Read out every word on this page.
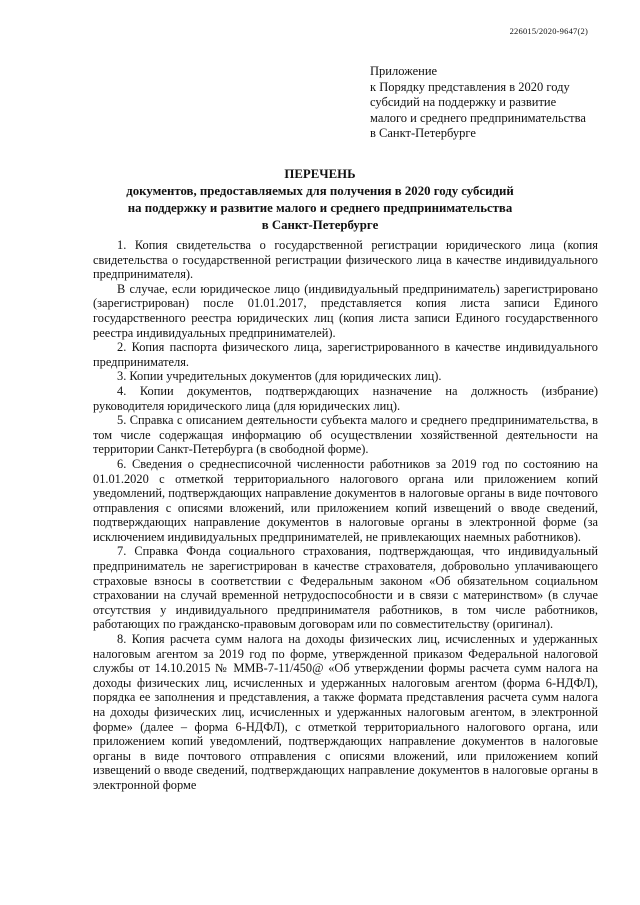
226015/2020-9647(2)
Приложение
к Порядку представления в 2020 году
субсидий на поддержку и развитие
малого и среднего предпринимательства
в Санкт-Петербурге
ПЕРЕЧЕНЬ
документов, предоставляемых для получения в 2020 году субсидий
на поддержку и развитие малого и среднего предпринимательства
в Санкт-Петербурге

1. Копия свидетельства о государственной регистрации юридического лица (копия свидетельства о государственной регистрации физического лица в качестве индивидуального предпринимателя).

В случае, если юридическое лицо (индивидуальный предприниматель) зарегистрировано (зарегистрирован) после 01.01.2017, представляется копия листа записи Единого государственного реестра юридических лиц (копия листа записи Единого государственного реестра индивидуальных предпринимателей).

2. Копия паспорта физического лица, зарегистрированного в качестве индивидуального предпринимателя.

3. Копии учредительных документов (для юридических лиц).

4. Копии документов, подтверждающих назначение на должность (избрание) руководителя юридического лица (для юридических лиц).

5. Справка с описанием деятельности субъекта малого и среднего предпринимательства, в том числе содержащая информацию об осуществлении хозяйственной деятельности на территории Санкт-Петербурга (в свободной форме).

6. Сведения о среднесписочной численности работников за 2019 год по состоянию на 01.01.2020 с отметкой территориального налогового органа или приложением копий уведомлений, подтверждающих направление документов в налоговые органы в виде почтового отправления с описями вложений, или приложением копий извещений о вводе сведений, подтверждающих направление документов в налоговые органы в электронной форме (за исключением индивидуальных предпринимателей, не привлекающих наемных работников).

7. Справка Фонда социального страхования, подтверждающая, что индивидуальный предприниматель не зарегистрирован в качестве страхователя, добровольно уплачивающего страховые взносы в соответствии с Федеральным законом «Об обязательном социальном страховании на случай временной нетрудоспособности и в связи с материнством» (в случае отсутствия у индивидуального предпринимателя работников, в том числе работников, работающих по гражданско-правовым договорам или по совместительству (оригинал).

8. Копия расчета сумм налога на доходы физических лиц, исчисленных и удержанных налоговым агентом за 2019 год по форме, утвержденной приказом Федеральной налоговой службы от 14.10.2015 № ММВ-7-11/450@ «Об утверждении формы расчета сумм налога на доходы физических лиц, исчисленных и удержанных налоговым агентом (форма 6-НДФЛ), порядка ее заполнения и представления, а также формата представления расчета сумм налога на доходы физических лиц, исчисленных и удержанных налоговым агентом, в электронной форме» (далее – форма 6-НДФЛ), с отметкой территориального налогового органа, или приложением копий уведомлений, подтверждающих направление документов в налоговые органы в виде почтового отправления с описями вложений, или приложением копий извещений о вводе сведений, подтверждающих направление документов в налоговые органы в электронной форме
